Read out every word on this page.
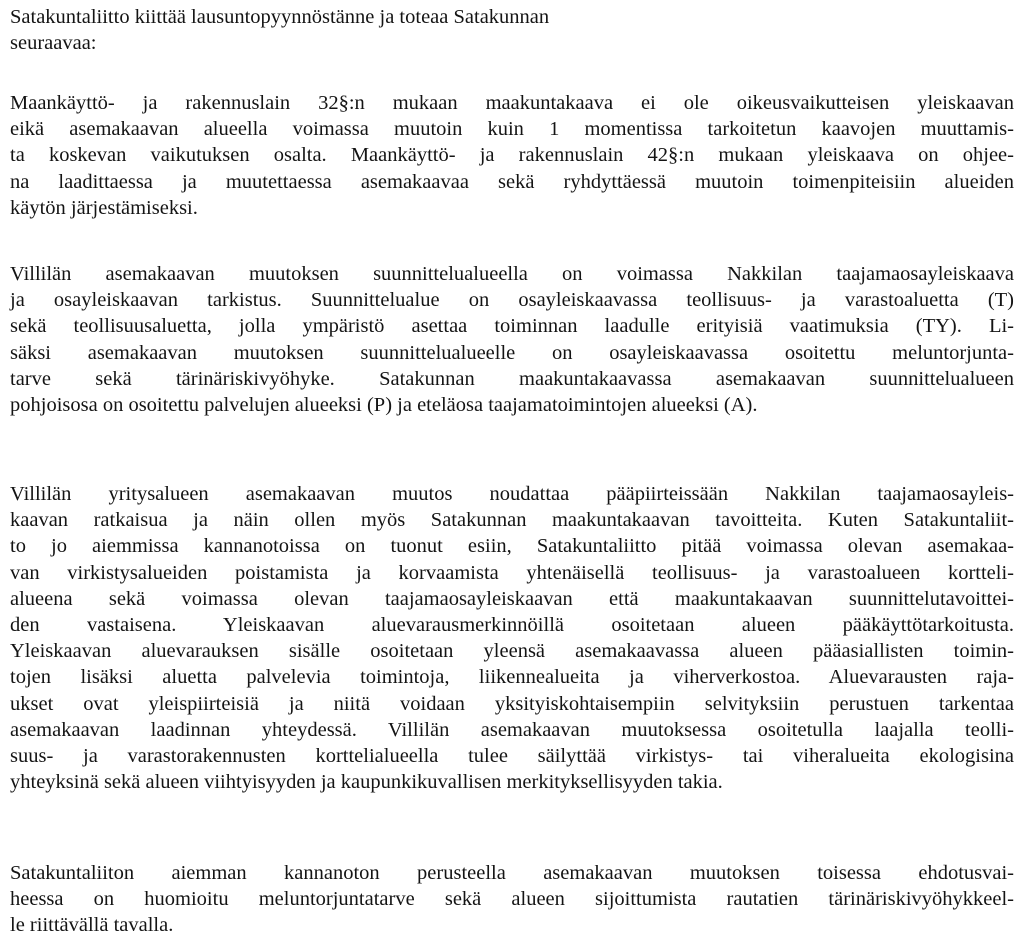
Satakuntaliitto kiittää lausuntopyynnöstänne ja toteaa Satakunnan
seuraavaa:
Maankäyttö- ja rakennuslain 32§:n mukaan maakuntakaava ei ole oikeusvaikutteisen yleiskaavan
eikä asemakaavan alueella voimassa muutoin kuin 1 momentissa tarkoitetun kaavojen muuttamis-
ta koskevan vaikutuksen osalta. Maankäyttö- ja rakennuslain 42§:n mukaan yleiskaava on ohjee-
na laadittaessa ja muutettaessa asemakaavaa sekä ryhdyttäessä muutoin toimenpiteisiin alueiden
käytön järjestämiseksi.
Villilän asemakaavan muutoksen suunnittelualueella on voimassa Nakkilan taajamaosayleiskaava
ja osayleiskaavan tarkistus. Suunnittelualue on osayleiskaavassa teollisuus- ja varastoaluetta (T)
sekä teollisuusaluetta, jolla ympäristö asettaa toiminnan laadulle erityisiä vaatimuksia (TY). Li-
säksi asemakaavan muutoksen suunnittelualueelle on osayleiskaavassa osoitettu meluntorjunta-
tarve sekä tärinäriskivyöhyke. Satakunnan maakuntakaavassa asemakaavan suunnittelualueen
pohjoisosa on osoitettu palvelujen alueeksi (P) ja eteläosa taajamatoimintojen alueeksi (A).
Villilän yritysalueen asemakaavan muutos noudattaa pääpiirteissään Nakkilan taajamaosayleis-
kaavan ratkaisua ja näin ollen myös Satakunnan maakuntakaavan tavoitteita. Kuten Satakuntaliit-
to jo aiemmissa kannanotoissa on tuonut esiin, Satakuntaliitto pitää voimassa olevan asemakaa-
van virkistysalueiden poistamista ja korvaamista yhtenäisellä teollisuus- ja varastoalueen kortteli-
alueena sekä voimassa olevan taajamaosayleiskaavan että maakuntakaavan suunnittelutavoittei-
den vastaisena. Yleiskaavan aluevarausmerkinnöillä osoitetaan alueen pääkäyttötarkoitusta.
Yleiskaavan aluevarauksen sisälle osoitetaan yleensä asemakaavassa alueen pääasiallisten toimin-
tojen lisäksi aluetta palvelevia toimintoja, liikennealueita ja viherverkostoa. Aluevarausten raja-
ukset ovat yleispiirteisiä ja niitä voidaan yksityiskohtaisempiin selvityksiin perustuen tarkentaa
asemakaavan laadinnan yhteydessä. Villilän asemakaavan muutoksessa osoitetulla laajalla teolli-
suus- ja varastorakennusten korttelialueella tulee säilyttää virkistys- tai viheralueita ekologisina
yhteyksinä sekä alueen viihtyisyyden ja kaupunkikuvallisen merkityksellisyyden takia.
Satakuntaliiton aiemman kannanoton perusteella asemakaavan muutoksen toisessa ehdotusvai-
heessa on huomioitu meluntorjuntatarve sekä alueen sijoittumista rautatien tärinäriskivyöhykkeel-
le riittävällä tavalla.
